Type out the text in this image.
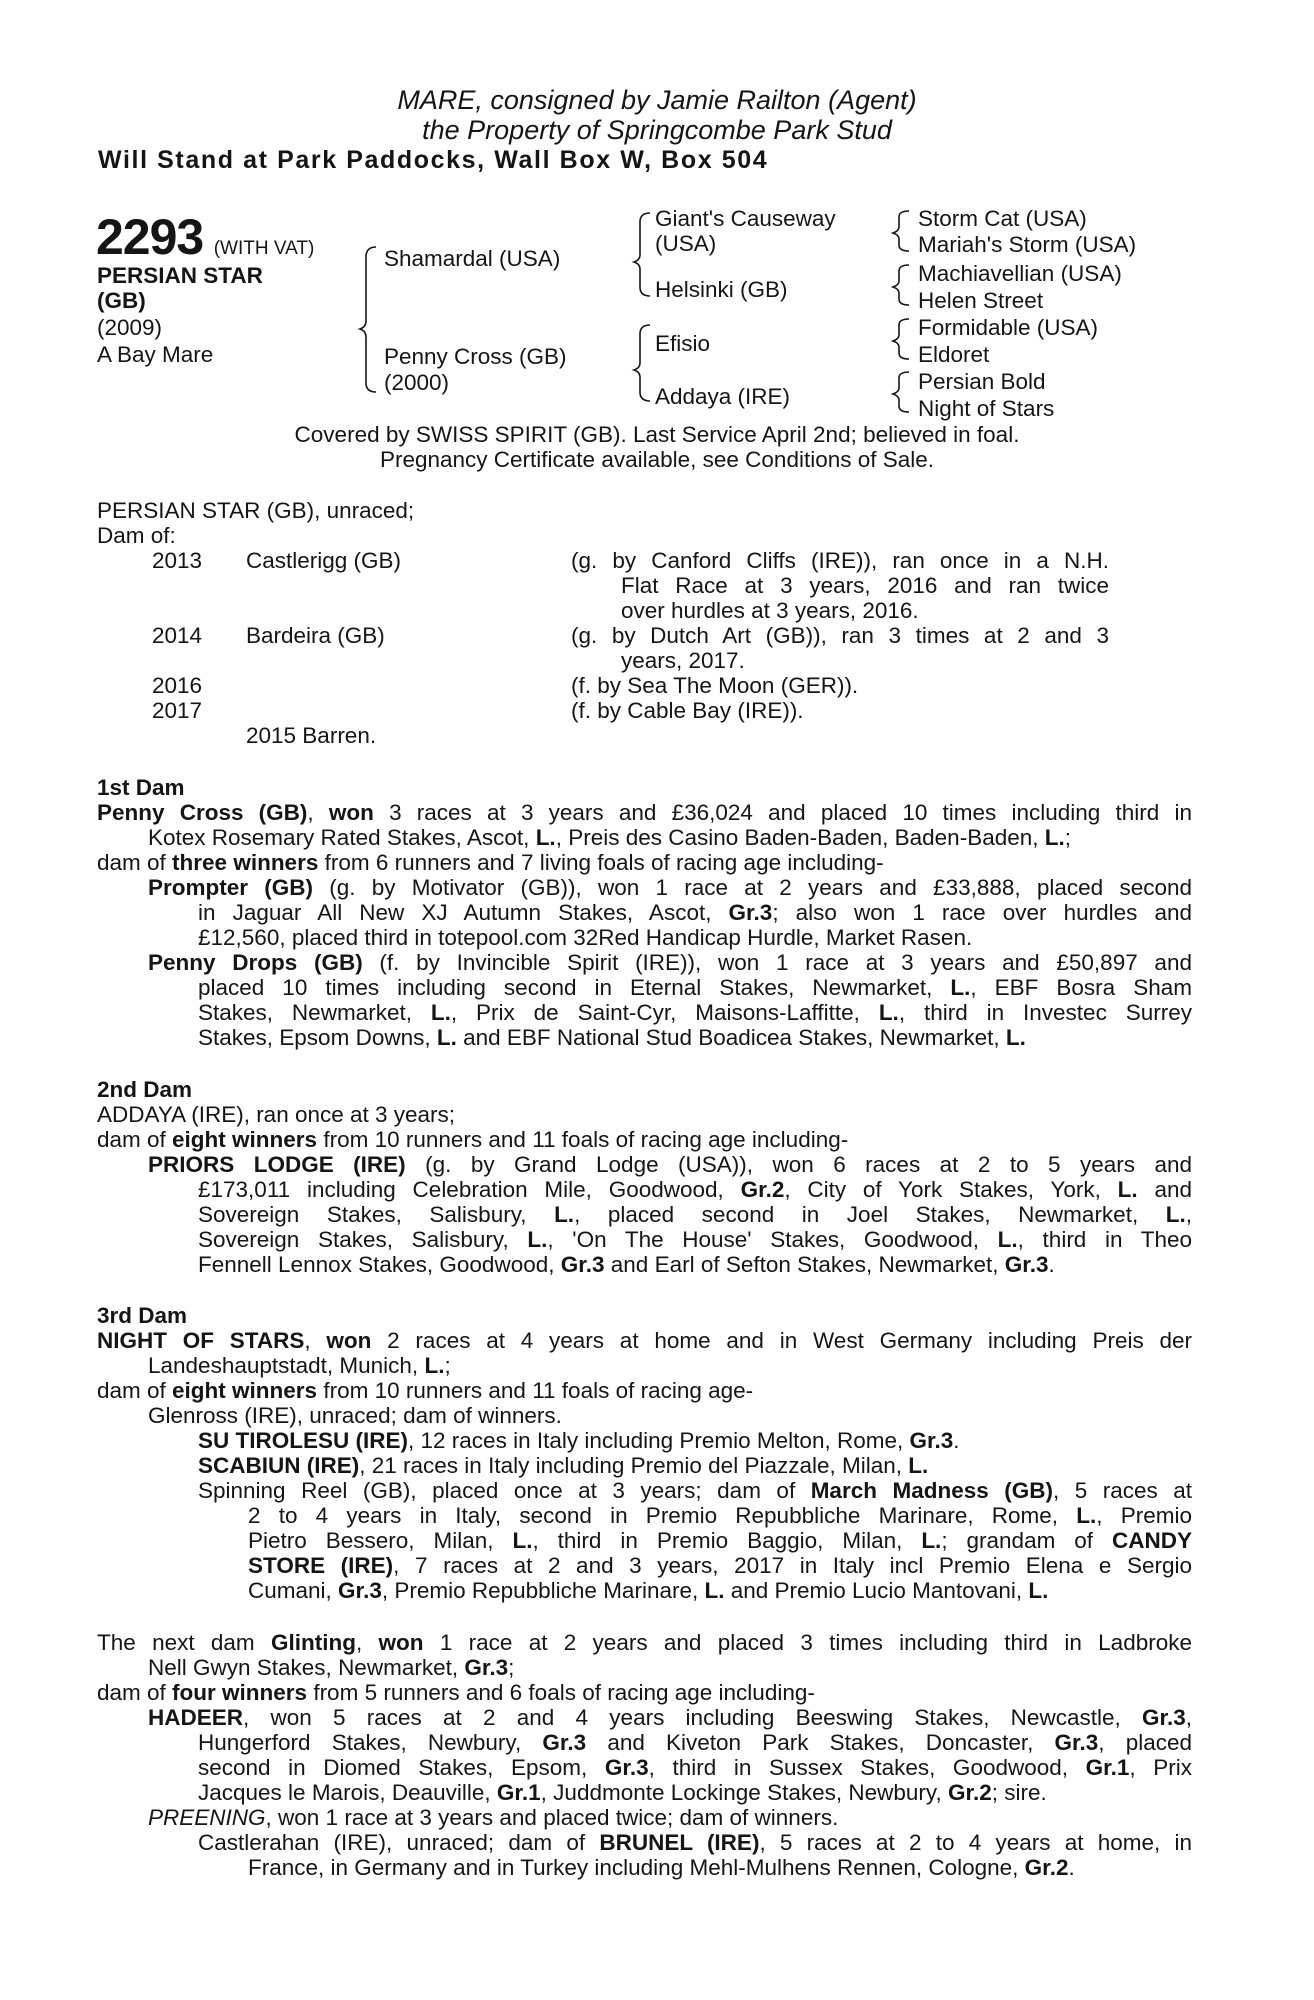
MARE, consigned by Jamie Railton (Agent)
the Property of Springcombe Park Stud
Will Stand at Park Paddocks, Wall Box W, Box 504
2293 (WITH VAT)
PERSIAN STAR
(GB)
(2009)
A Bay Mare
Shamardal (USA)
Penny Cross (GB)
(2000)
Giant's Causeway
(USA)
Helsinki (GB)
Efisio
Addaya (IRE)
Storm Cat (USA)
Mariah's Storm (USA)
Machiavellian (USA)
Helen Street
Formidable (USA)
Eldoret
Persian Bold
Night of Stars
Covered by SWISS SPIRIT (GB). Last Service April 2nd; believed in foal.
Pregnancy Certificate available, see Conditions of Sale.
PERSIAN STAR (GB), unraced;
Dam of:
2013 Castlerigg (GB)	(g. by Canford Cliffs (IRE)), ran once in a N.H.
Flat Race at 3 years, 2016 and ran twice
over hurdles at 3 years, 2016.
2014 Bardeira (GB)	(g. by Dutch Art (GB)), ran 3 times at 2 and 3
years, 2017.
2016	(f. by Sea The Moon (GER)).
2017	(f. by Cable Bay (IRE)).
2015 Barren.
1st Dam
Penny Cross (GB), won 3 races at 3 years and £36,024 and placed 10 times including third in
Kotex Rosemary Rated Stakes, Ascot, L., Preis des Casino Baden-Baden, Baden-Baden, L.;
dam of three winners from 6 runners and 7 living foals of racing age including-
Prompter (GB) (g. by Motivator (GB)), won 1 race at 2 years and £33,888, placed second
in Jaguar All New XJ Autumn Stakes, Ascot, Gr.3; also won 1 race over hurdles and
£12,560, placed third in totepool.com 32Red Handicap Hurdle, Market Rasen.
Penny Drops (GB) (f. by Invincible Spirit (IRE)), won 1 race at 3 years and £50,897 and
placed 10 times including second in Eternal Stakes, Newmarket, L., EBF Bosra Sham
Stakes, Newmarket, L., Prix de Saint-Cyr, Maisons-Laffitte, L., third in Investec Surrey
Stakes, Epsom Downs, L. and EBF National Stud Boadicea Stakes, Newmarket, L.
2nd Dam
ADDAYA (IRE), ran once at 3 years;
dam of eight winners from 10 runners and 11 foals of racing age including-
PRIORS LODGE (IRE) (g. by Grand Lodge (USA)), won 6 races at 2 to 5 years and
£173,011 including Celebration Mile, Goodwood, Gr.2, City of York Stakes, York, L. and
Sovereign Stakes, Salisbury, L., placed second in Joel Stakes, Newmarket, L.,
Sovereign Stakes, Salisbury, L., 'On The House' Stakes, Goodwood, L., third in Theo
Fennell Lennox Stakes, Goodwood, Gr.3 and Earl of Sefton Stakes, Newmarket, Gr.3.
3rd Dam
NIGHT OF STARS, won 2 races at 4 years at home and in West Germany including Preis der
Landeshauptstadt, Munich, L.;
dam of eight winners from 10 runners and 11 foals of racing age-
Glenross (IRE), unraced; dam of winners.
SU TIROLESU (IRE), 12 races in Italy including Premio Melton, Rome, Gr.3.
SCABIUN (IRE), 21 races in Italy including Premio del Piazzale, Milan, L.
Spinning Reel (GB), placed once at 3 years; dam of March Madness (GB), 5 races at
2 to 4 years in Italy, second in Premio Repubbliche Marinare, Rome, L., Premio
Pietro Bessero, Milan, L., third in Premio Baggio, Milan, L.; grandam of CANDY
STORE (IRE), 7 races at 2 and 3 years, 2017 in Italy incl Premio Elena e Sergio
Cumani, Gr.3, Premio Repubbliche Marinare, L. and Premio Lucio Mantovani, L.
The next dam Glinting, won 1 race at 2 years and placed 3 times including third in Ladbroke
Nell Gwyn Stakes, Newmarket, Gr.3;
dam of four winners from 5 runners and 6 foals of racing age including-
HADEER, won 5 races at 2 and 4 years including Beeswing Stakes, Newcastle, Gr.3,
Hungerford Stakes, Newbury, Gr.3 and Kiveton Park Stakes, Doncaster, Gr.3, placed
second in Diomed Stakes, Epsom, Gr.3, third in Sussex Stakes, Goodwood, Gr.1, Prix
Jacques le Marois, Deauville, Gr.1, Juddmonte Lockinge Stakes, Newbury, Gr.2; sire.
PREENING, won 1 race at 3 years and placed twice; dam of winners.
Castlerahan (IRE), unraced; dam of BRUNEL (IRE), 5 races at 2 to 4 years at home, in
France, in Germany and in Turkey including Mehl-Mulhens Rennen, Cologne, Gr.2.
